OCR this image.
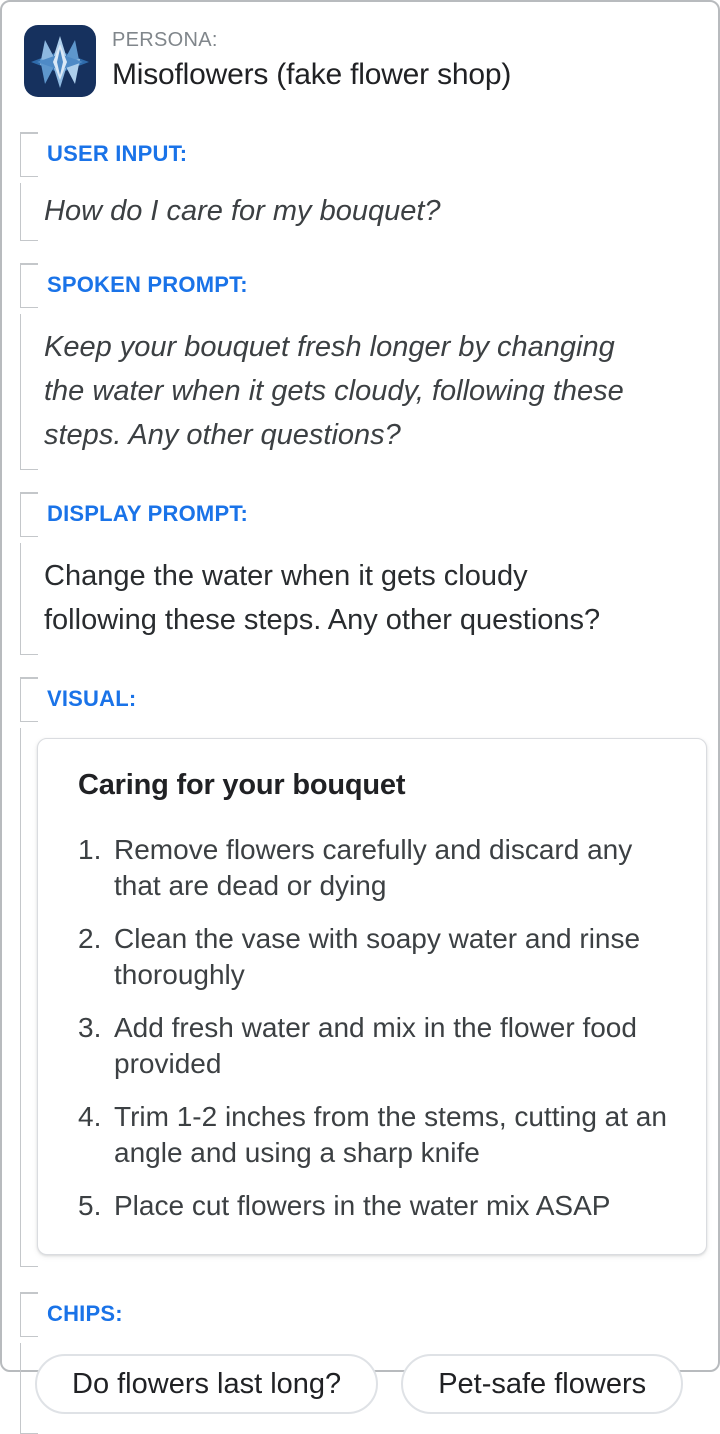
PERSONA:
Misoflowers (fake flower shop)
USER INPUT:
How do I care for my bouquet?
SPOKEN PROMPT:
Keep your bouquet fresh longer by changing
the water when it gets cloudy, following these
steps. Any other questions?
DISPLAY PROMPT:
Change the water when it gets cloudy
following these steps. Any other questions?
VISUAL:
Caring for your bouquet
1. Remove flowers carefully and discard any
that are dead or dying
2. Clean the vase with soapy water and rinse
thoroughly
3. Add fresh water and mix in the flower food
provided
4. Trim 1-2 inches from the stems, cutting at an
angle and using a sharp knife
5. Place cut flowers in the water mix ASAP
CHIPS:
Do flowers last long?	Pet-safe flowers
